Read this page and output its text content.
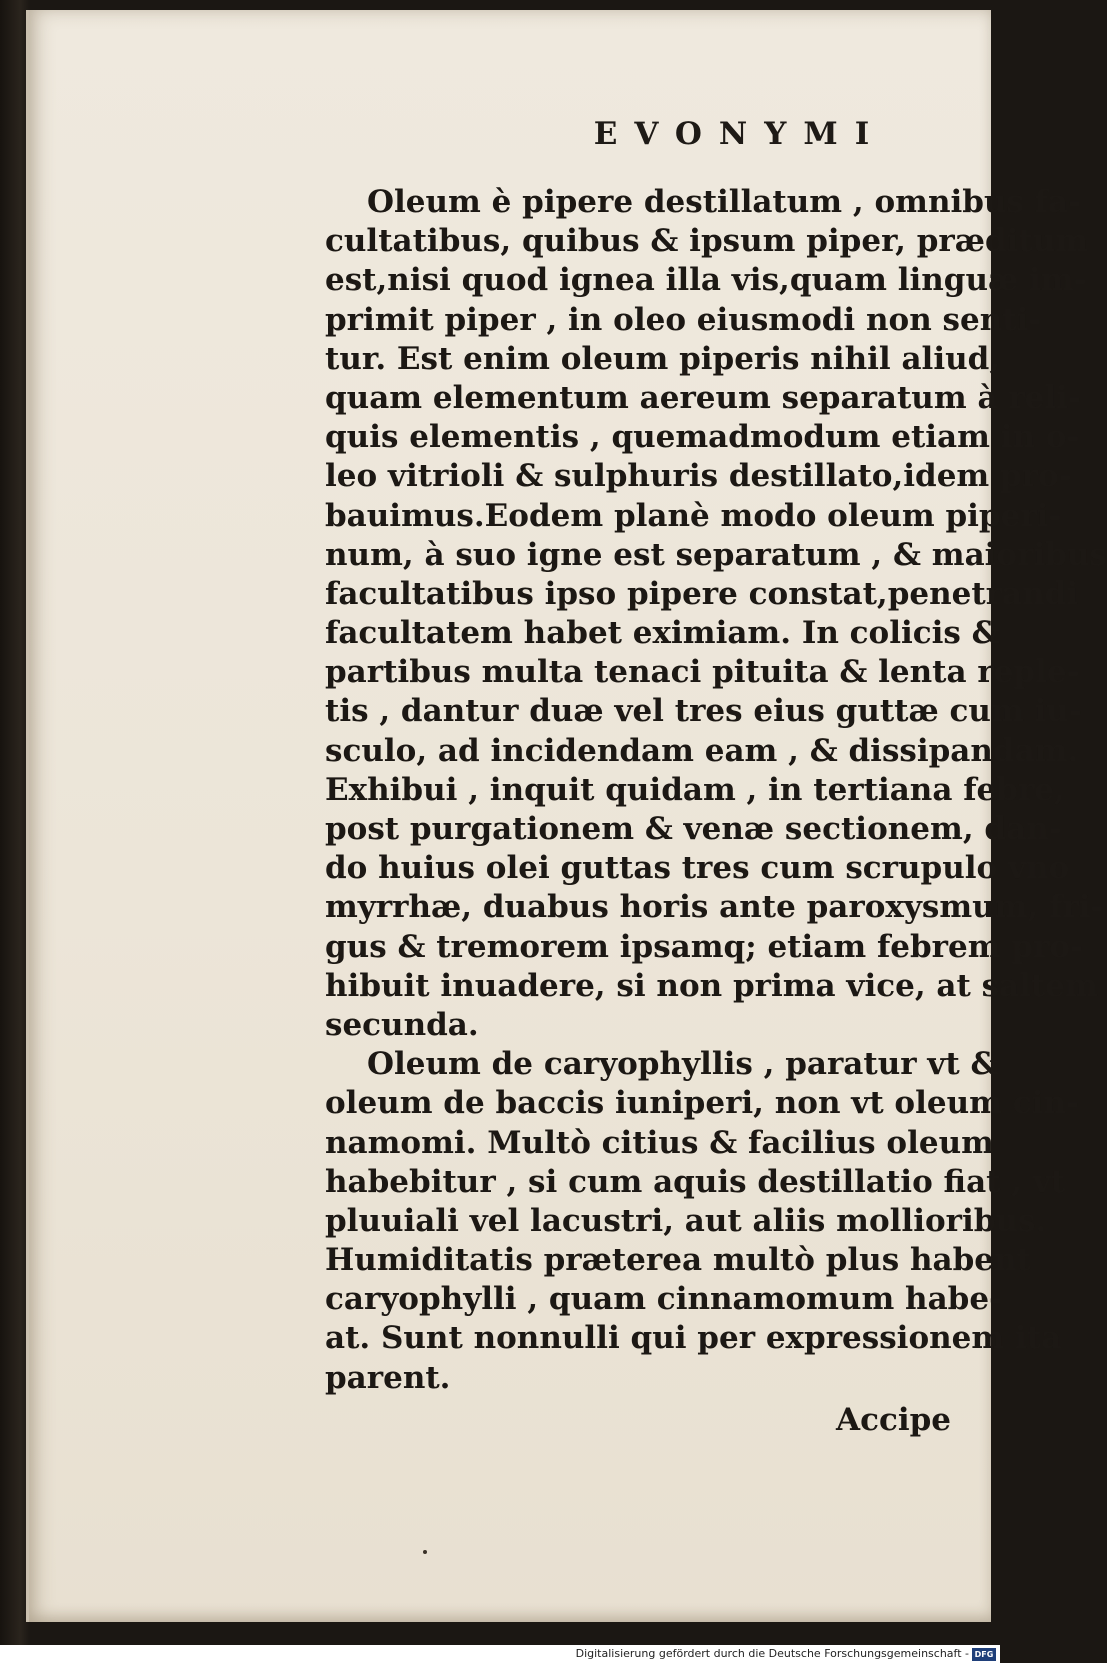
EVONYMI
Oleum è pipere destillatum , omnibus fa-
cultatibus, quibus & ipsum piper, præditum
est,nisi quod ignea illa vis,quam linguæ im-
primit piper , in oleo eiusmodi non senti-
tur. Est enim oleum piperis nihil aliud,
quam elementum aereum separatum à reli-
quis elementis , quemadmodum etiam in o-
leo vitrioli & sulphuris destillato,idem pro-
bauimus.Eodem planè modo oleum piperi-
num, à suo igne est separatum , & maioribus
facultatibus ipso pipere constat,penetrandi
facultatem habet eximiam. In colicis &
partibus multa tenaci pituita & lenta reple-
tis , dantur duæ vel tres eius guttæ cum iu-
sculo, ad incidendam eam , & dissipandam.
Exhibui , inquit quidam , in tertiana febre,
post purgationem & venæ sectionem, dan-
do huius olei guttas tres cum scrupulo vno
myrrhæ, duabus horis ante paroxysmum, fri-
gus & tremorem ipsamq; etiam febrem pro-
hibuit inuadere, si non prima vice, at saltem
secunda.
Oleum de caryophyllis , paratur vt &
oleum de baccis iuniperi, non vt oleum cin-
namomi. Multò citius & facilius oleum
habebitur , si cum aquis destillatio fiat , vt
pluuiali vel lacustri, aut aliis mollioribus.
Humiditatis præterea multò plus habent
caryophylli , quam cinnamomum habe-
at. Sunt nonnulli qui per expressionem ita
parent.
Accipe
Digitalisierung gefördert durch die Deutsche Forschungsgemeinschaft - DFG
